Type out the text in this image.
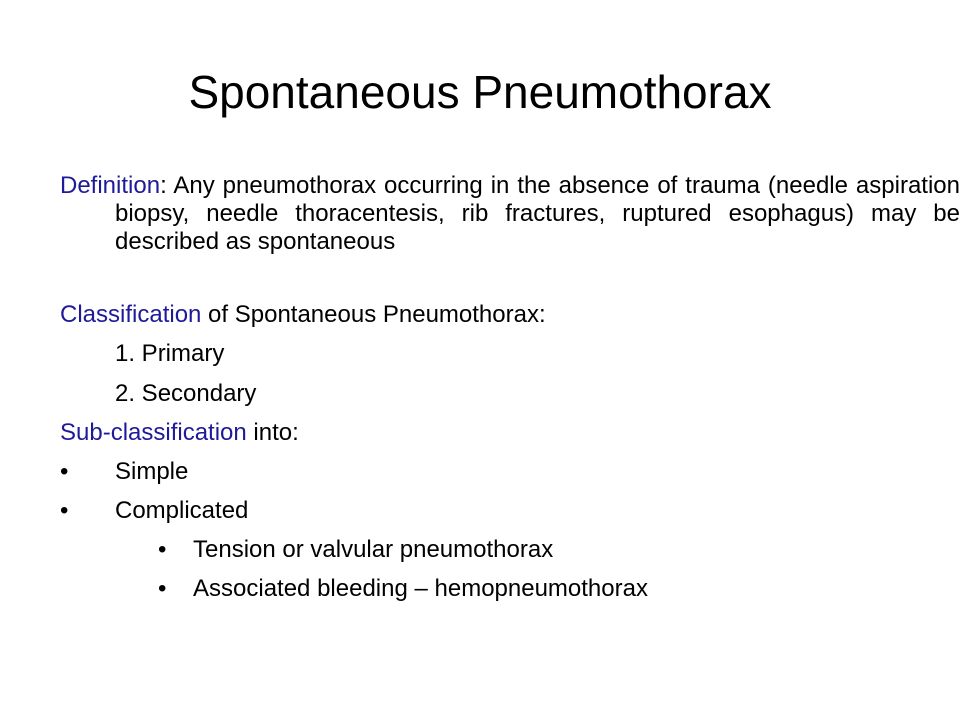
Spontaneous Pneumothorax
Definition: Any pneumothorax occurring in the absence of trauma (needle aspiration biopsy, needle thoracentesis, rib fractures, ruptured esophagus) may be described as spontaneous
Classification of Spontaneous Pneumothorax:
1. Primary
2. Secondary
Sub-classification into:
• Simple
• Complicated
• Tension or valvular pneumothorax
• Associated bleeding – hemopneumothorax
